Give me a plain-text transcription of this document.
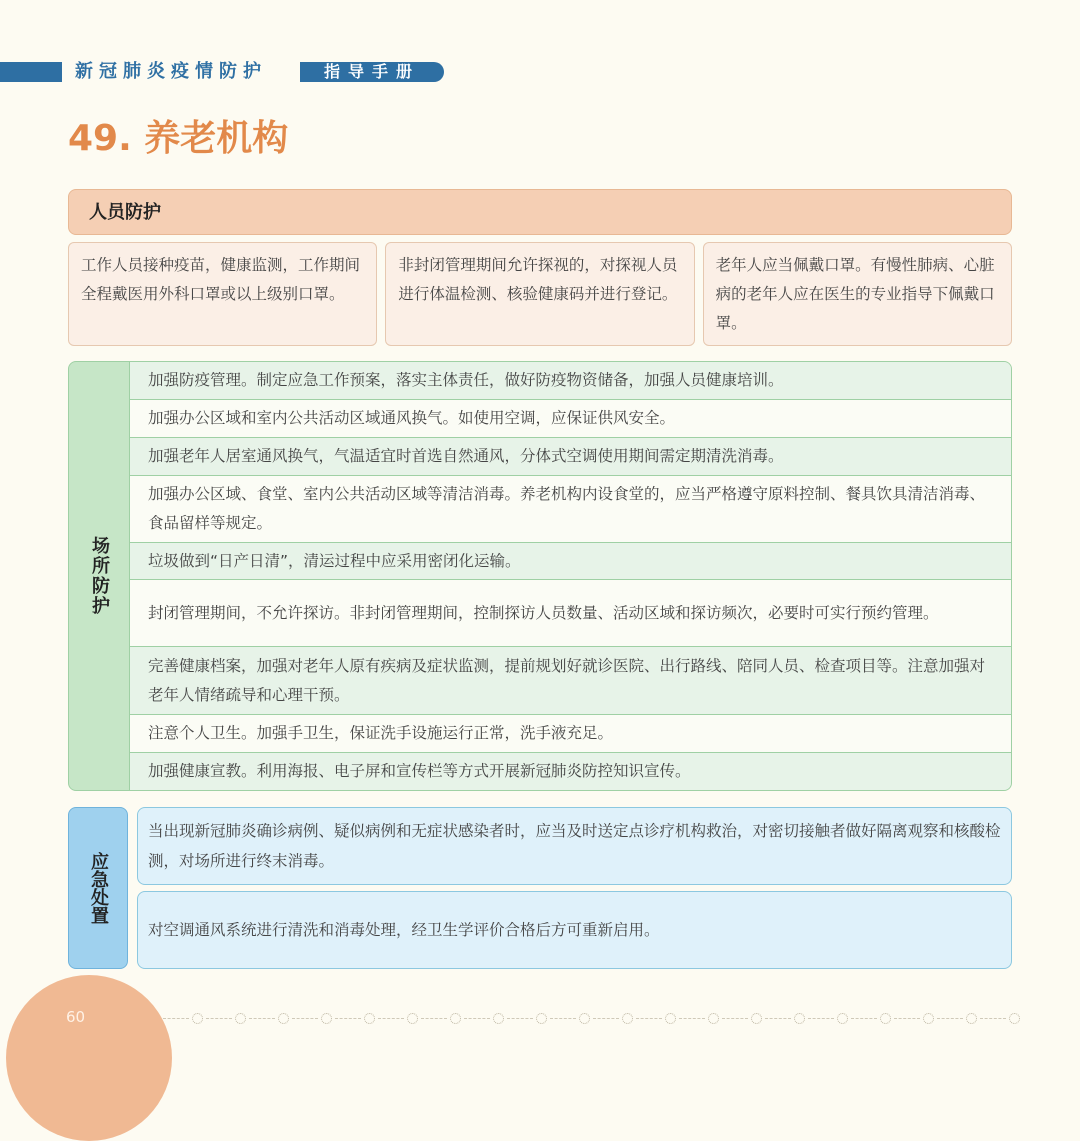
新冠肺炎疫情防护	指导手册
49. 养老机构
人员防护
工作人员接种疫苗，健康监测，工作期间全程戴医用外科口罩或以上级别口罩。
非封闭管理期间允许探视的，对探视人员进行体温检测、核验健康码并进行登记。
老年人应当佩戴口罩。有慢性肺病、心脏病的老年人应在医生的专业指导下佩戴口罩。
场所防护
加强防疫管理。制定应急工作预案，落实主体责任，做好防疫物资储备，加强人员健康培训。
加强办公区域和室内公共活动区域通风换气。如使用空调，应保证供风安全。
加强老年人居室通风换气，气温适宜时首选自然通风，分体式空调使用期间需定期清洗消毒。
加强办公区域、食堂、室内公共活动区域等清洁消毒。养老机构内设食堂的，应当严格遵守原料控制、餐具饮具清洁消毒、食品留样等规定。
垃圾做到“日产日清”，清运过程中应采用密闭化运输。
封闭管理期间，不允许探访。非封闭管理期间，控制探访人员数量、活动区域和探访频次，必要时可实行预约管理。
完善健康档案，加强对老年人原有疾病及症状监测，提前规划好就诊医院、出行路线、陪同人员、检查项目等。注意加强对老年人情绪疏导和心理干预。
注意个人卫生。加强手卫生，保证洗手设施运行正常，洗手液充足。
加强健康宣教。利用海报、电子屏和宣传栏等方式开展新冠肺炎防控知识宣传。
应急处置
当出现新冠肺炎确诊病例、疑似病例和无症状感染者时，应当及时送定点诊疗机构救治，对密切接触者做好隔离观察和核酸检测，对场所进行终末消毒。
对空调通风系统进行清洗和消毒处理，经卫生学评价合格后方可重新启用。
60
